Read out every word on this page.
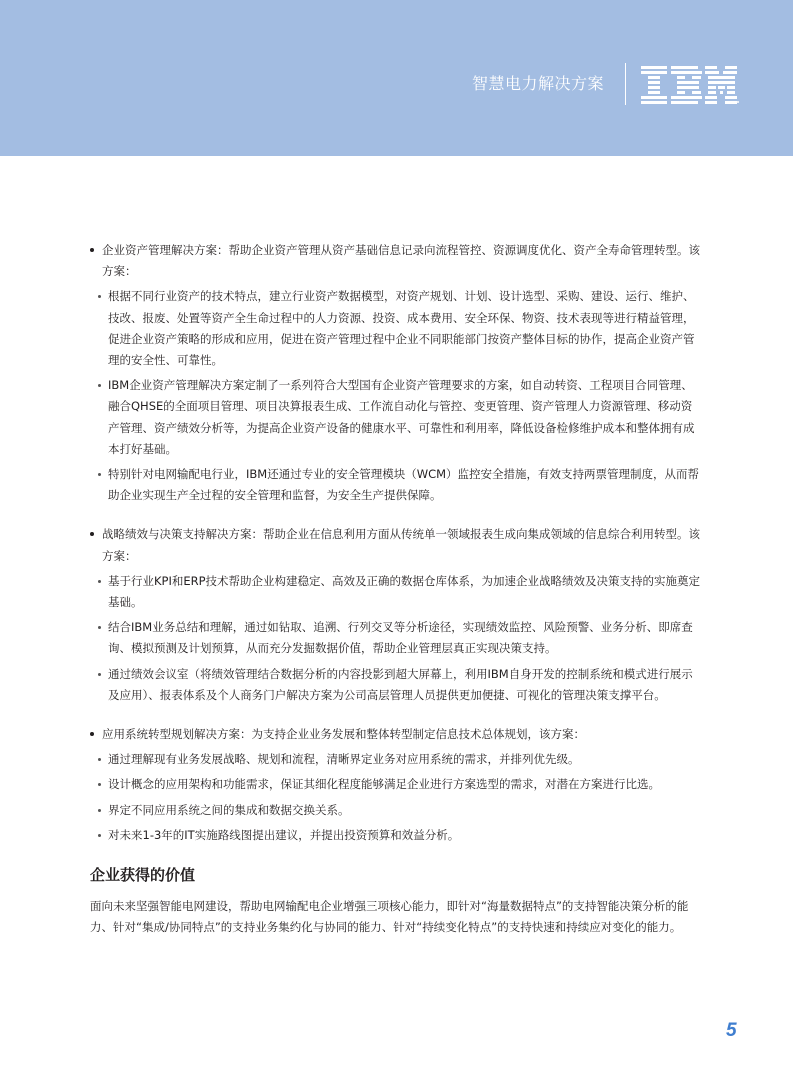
智慧电力解决方案

企业资产管理解决方案：帮助企业资产管理从资产基础信息记录向流程管控、资源调度优化、资产全寿命管理转型。该方案：

根据不同行业资产的技术特点，建立行业资产数据模型，对资产规划、计划、设计选型、采购、建设、运行、维护、技改、报废、处置等资产全生命过程中的人力资源、投资、成本费用、安全环保、物资、技术表现等进行精益管理，促进企业资产策略的形成和应用，促进在资产管理过程中企业不同职能部门按资产整体目标的协作，提高企业资产管理的安全性、可靠性。

IBM企业资产管理解决方案定制了一系列符合大型国有企业资产管理要求的方案，如自动转资、工程项目合同管理、融合QHSE的全面项目管理、项目决算报表生成、工作流自动化与管控、变更管理、资产管理人力资源管理、移动资产管理、资产绩效分析等，为提高企业资产设备的健康水平、可靠性和利用率，降低设备检修维护成本和整体拥有成本打好基础。

特别针对电网输配电行业，IBM还通过专业的安全管理模块（WCM）监控安全措施，有效支持两票管理制度，从而帮助企业实现生产全过程的安全管理和监督，为安全生产提供保障。

战略绩效与决策支持解决方案：帮助企业在信息利用方面从传统单一领域报表生成向集成领域的信息综合利用转型。该方案：

基于行业KPI和ERP技术帮助企业构建稳定、高效及正确的数据仓库体系，为加速企业战略绩效及决策支持的实施奠定基础。

结合IBM业务总结和理解，通过如钻取、追溯、行列交叉等分析途径，实现绩效监控、风险预警、业务分析、即席查询、模拟预测及计划预算，从而充分发掘数据价值，帮助企业管理层真正实现决策支持。

通过绩效会议室（将绩效管理结合数据分析的内容投影到超大屏幕上，利用IBM自身开发的控制系统和模式进行展示及应用）、报表体系及个人商务门户解决方案为公司高层管理人员提供更加便捷、可视化的管理决策支撑平台。

应用系统转型规划解决方案：为支持企业业务发展和整体转型制定信息技术总体规划，该方案：

通过理解现有业务发展战略、规划和流程，清晰界定业务对应用系统的需求，并排列优先级。

设计概念的应用架构和功能需求，保证其细化程度能够满足企业进行方案选型的需求，对潜在方案进行比选。

界定不同应用系统之间的集成和数据交换关系。

对未来1-3年的IT实施路线图提出建议，并提出投资预算和效益分析。

企业获得的价值

面向未来坚强智能电网建设，帮助电网输配电企业增强三项核心能力，即针对“海量数据特点”的支持智能决策分析的能力、针对“集成/协同特点”的支持业务集约化与协同的能力、针对“持续变化特点”的支持快速和持续应对变化的能力。

5
